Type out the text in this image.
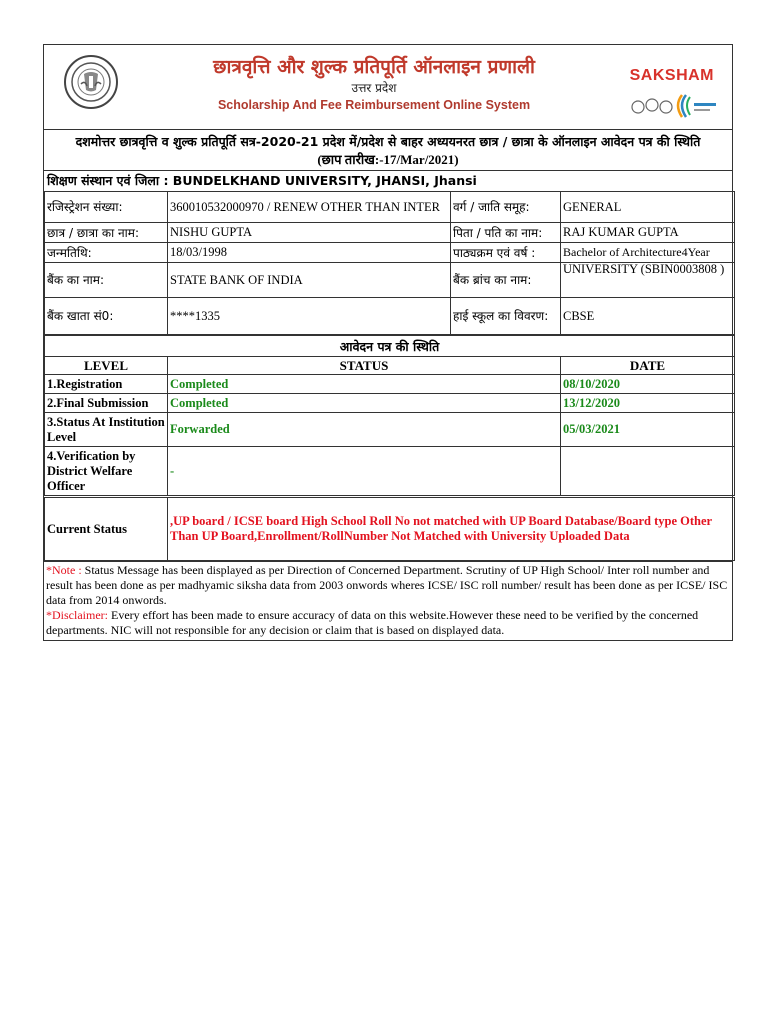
छात्रवृत्ति और शुल्क प्रतिपूर्ति ऑनलाइन प्रणाली
उत्तर प्रदेश
Scholarship And Fee Reimbursement Online System
SAKSHAM
दशमोत्तर छात्रवृत्ति व शुल्क प्रतिपूर्ति सत्र-2020-21 प्रदेश में/प्रदेश से बाहर अध्ययनरत छात्र / छात्रा के ऑनलाइन आवेदन पत्र की स्थिति
(छाप तारीख:-17/Mar/2021)
शिक्षण संस्थान एवं जिला : BUNDELKHAND UNIVERSITY, JHANSI, Jhansi
रजिस्ट्रेशन संख्या:	360010532000970 / RENEW OTHER THAN INTER	वर्ग / जाति समूह:	GENERAL
छात्र / छात्रा का नाम:	NISHU GUPTA	पिता / पति का नाम:	RAJ KUMAR GUPTA
जन्मतिथि:	18/03/1998	पाठ्यक्रम एवं वर्ष :	Bachelor of Architecture4Year
बैंक का नाम:	STATE BANK OF INDIA	बैंक ब्रांच का नाम:	UNIVERSITY (SBIN0003808 )
बैंक खाता सं0:	****1335	हाई स्कूल का विवरण:	CBSE
आवेदन पत्र की स्थिति		
LEVEL	STATUS	DATE
1.Registration	Completed	08/10/2020
2.Final Submission	Completed	13/12/2020
3.Status At Institution Level	Forwarded	05/03/2021
4.Verification by District Welfare Officer	-	
Current Status	,UP board / ICSE board High School Roll No not matched with UP Board Database/Board type Other Than UP Board,Enrollment/RollNumber Not Matched with University Uploaded Data	
*Note : Status Message has been displayed as per Direction of Concerned Department. Scrutiny of UP High School/ Inter roll number and result has been done as per madhyamic siksha data from 2003 onwords wheres ICSE/ ISC roll number/ result has been done as per ICSE/ ISC data from 2014 onwords.
*Disclaimer: Every effort has been made to ensure accuracy of data on this website.However these need to be verified by the concerned departments. NIC will not responsible for any decision or claim that is based on displayed data.
